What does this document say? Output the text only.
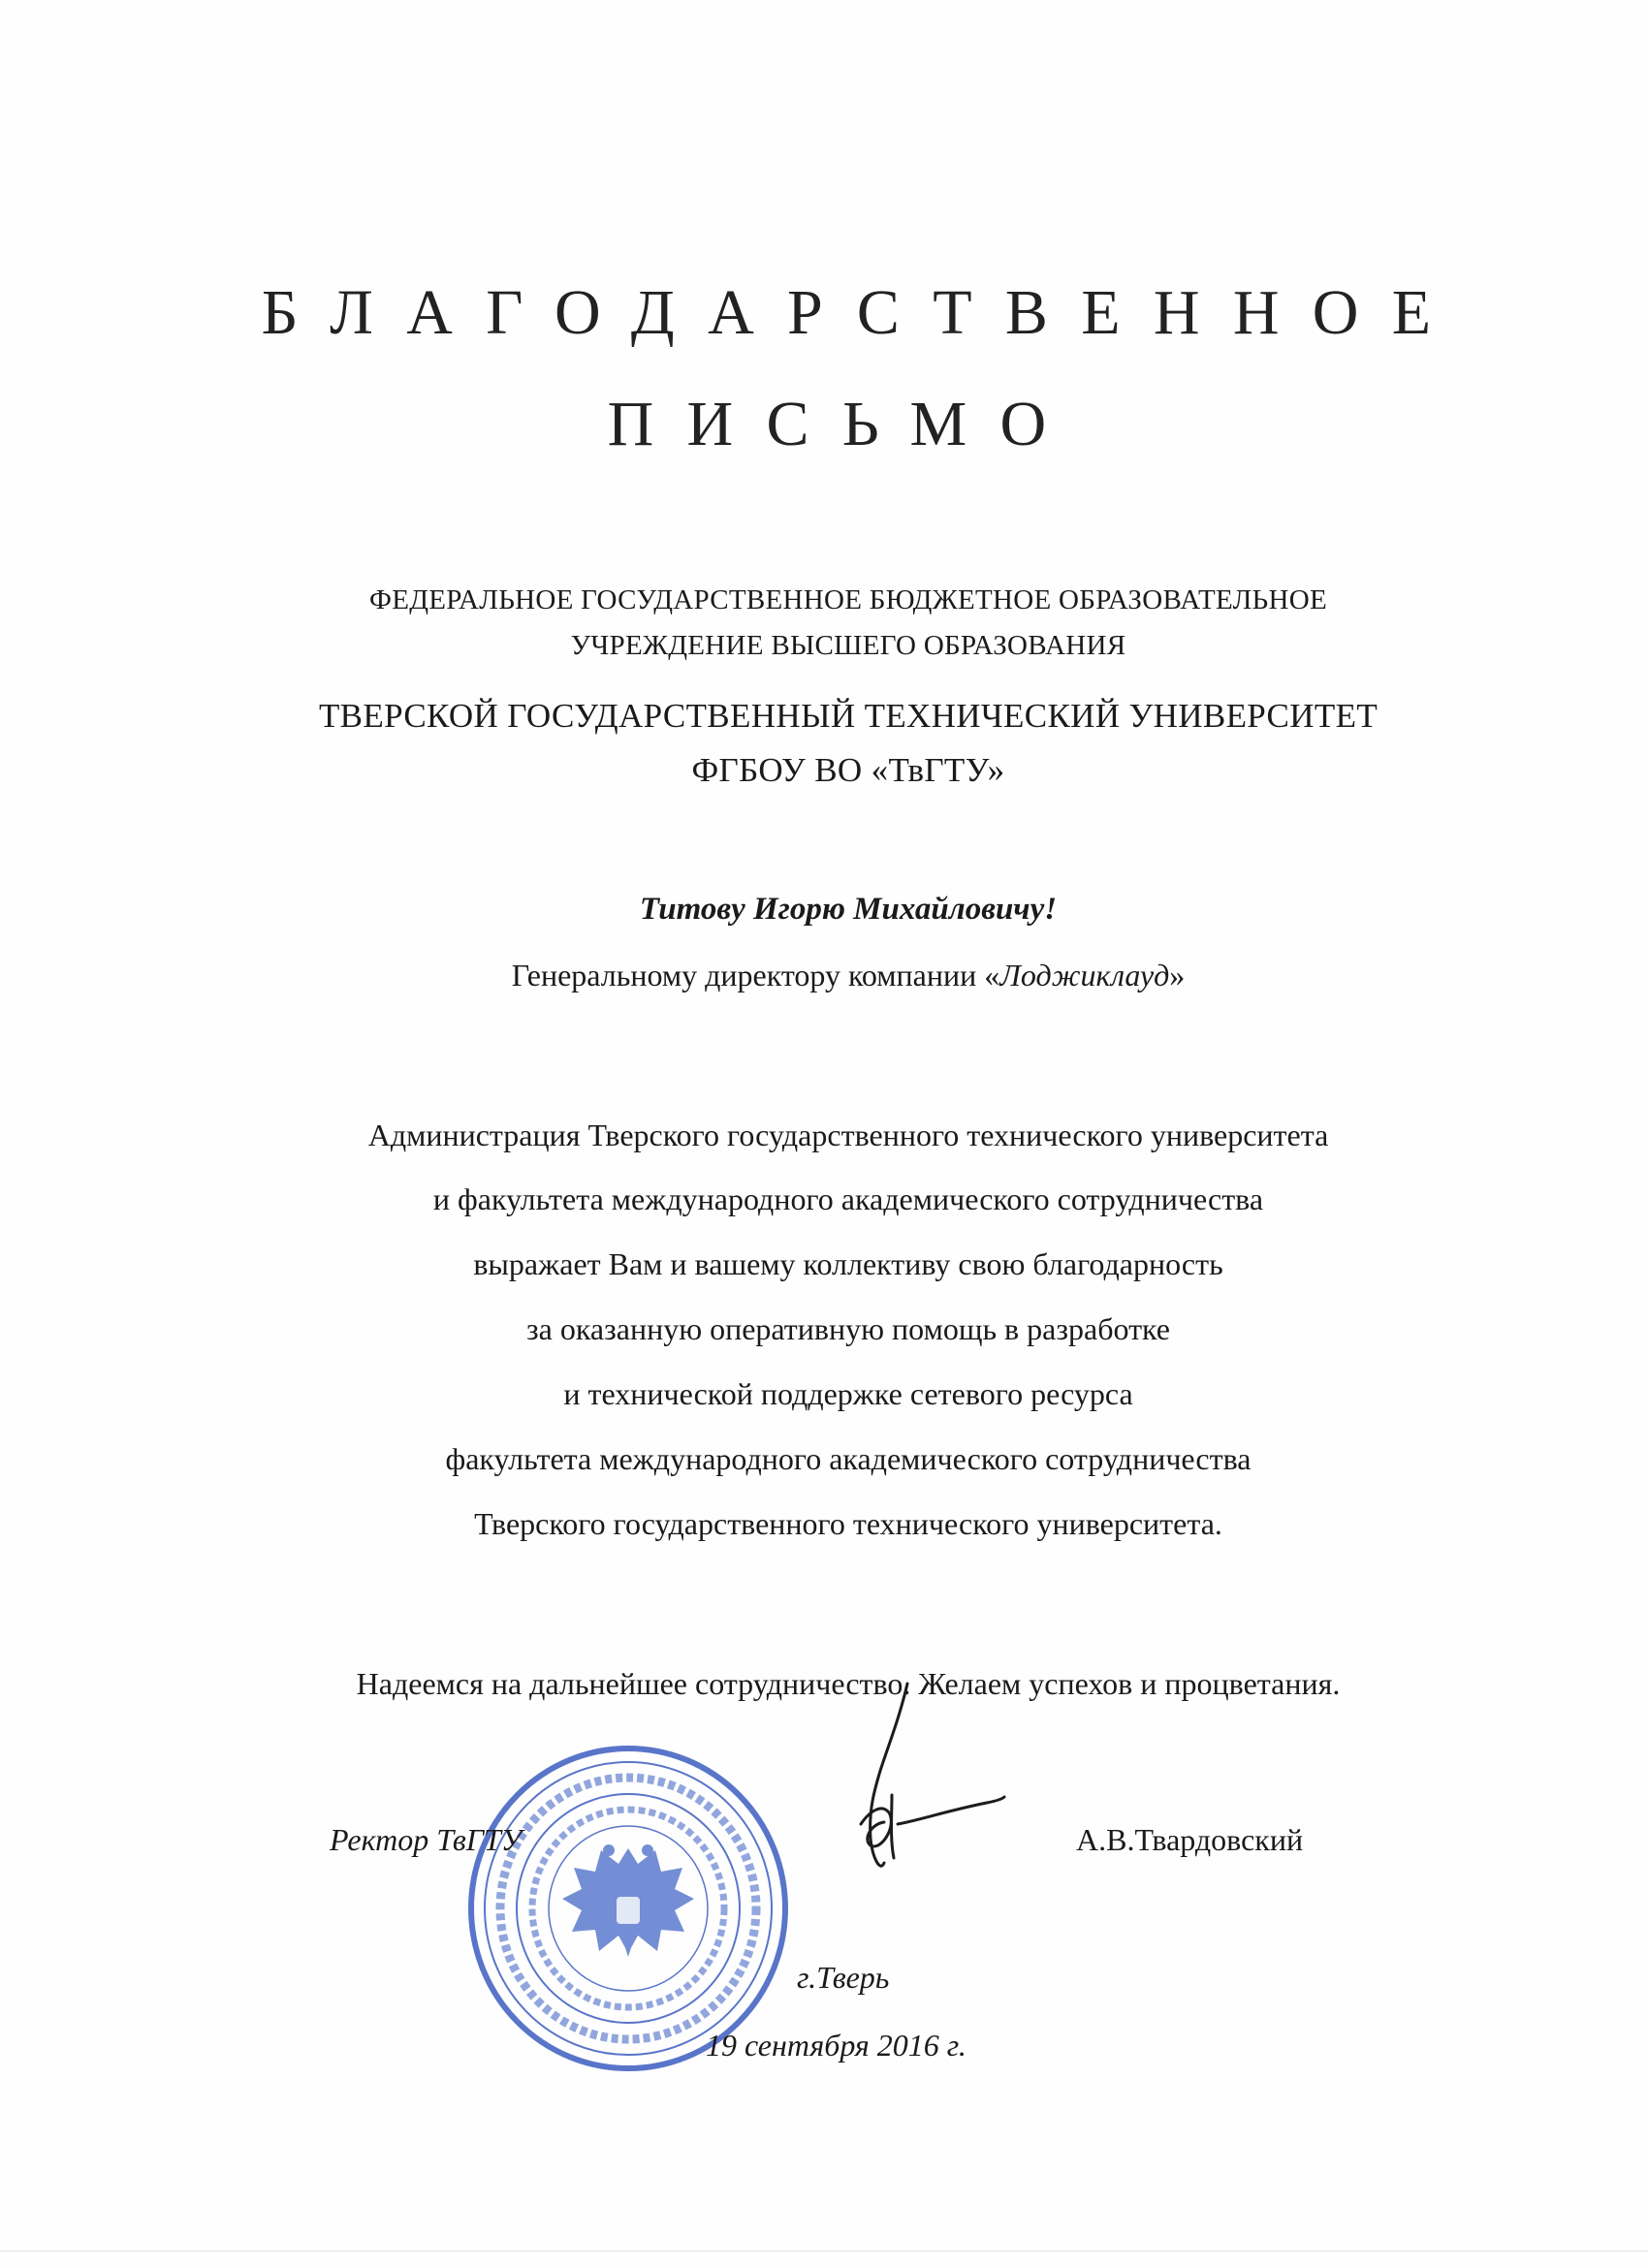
БЛАГОДАРСТВЕННОЕ
ПИСЬМО
ФЕДЕРАЛЬНОЕ ГОСУДАРСТВЕННОЕ БЮДЖЕТНОЕ ОБРАЗОВАТЕЛЬНОЕ
УЧРЕЖДЕНИЕ ВЫСШЕГО ОБРАЗОВАНИЯ
ТВЕРСКОЙ ГОСУДАРСТВЕННЫЙ ТЕХНИЧЕСКИЙ УНИВЕРСИТЕТ
ФГБОУ ВО «ТвГТУ»
Титову Игорю Михайловичу!
Генеральному директору компании «Лоджиклауд»
Администрация Тверского государственного технического университета
и факультета международного академического сотрудничества
выражает Вам и вашему коллективу свою благодарность
за оказанную оперативную помощь в разработке
и технической поддержке сетевого ресурса
факультета международного академического сотрудничества
Тверского государственного технического университета.
Надеемся на дальнейшее сотрудничество. Желаем успехов и процветания.
Ректор ТвГТУ	А.В.Твардовский
г.Тверь
19 сентября 2016 г.
